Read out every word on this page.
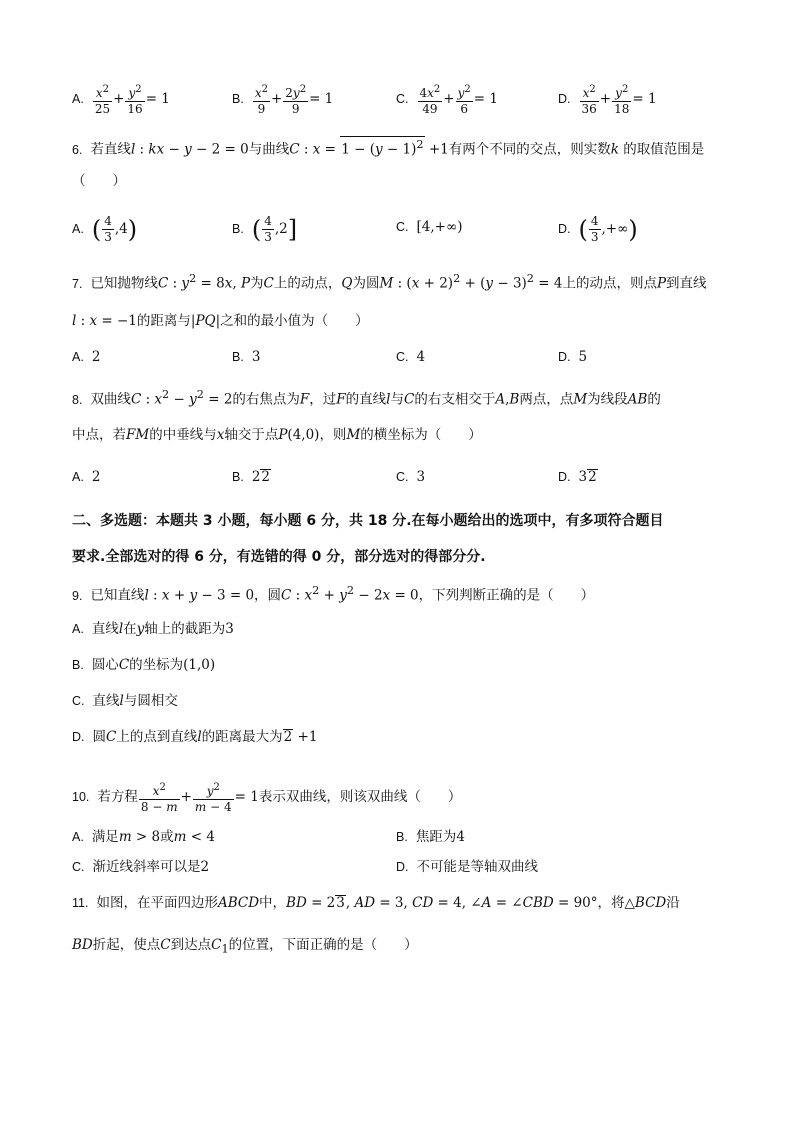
A. $\frac{x^2}{25} + \frac{y^2}{16} = 1$	B. $\frac{x^2}{9} + \frac{2y^2}{9} = 1$	C. $\frac{4x^2}{49} + \frac{y^2}{6} = 1$	D. $\frac{x^2}{36} + \frac{y^2}{18} = 1$
6. 若直线l : kx − y − 2 = 0与曲线C : $x = 1 - (y - 1)^2 +1$有两个不同的交点，则实数k 的取值范围是
（　　）
A. ( $\frac{4}{3} ,4$)	B. ( $\frac{4}{3} ,2$]	C. [4,+∞)	D. ( $\frac{4}{3}$ ,+∞)
7. 已知抛物线C : $y^2 = 8x$, P为C上的动点，Q为圆M : $(x + 2)^2 + (y - 3)^2 = 4$上的动点，则点P到直线
l : x = −1的距离与|PQ|之和的最小值为（　　）
A. 2	B. 3	C. 4	D. 5
8. 双曲线C : $x^2 - y^2 = 2$的右焦点为F，过F的直线l与C的右支相交于A,B两点，点M为线段AB的
中点，若FM的中垂线与x轴交于点P(4,0)，则M的横坐标为（　　）
A. 2	B. 22	C. 3	D. 32
二、多选题：本题共 3 小题，每小题 6 分，共 18 分.在每小题给出的选项中，有多项符合题目
要求.全部选对的得 6 分，有选错的得 0 分，部分选对的得部分分.
9. 已知直线l : x + y − 3 = 0，圆C : $x^2 + y^2 - 2x = 0$，下列判断正确的是（　　）
A. 直线l在y轴上的截距为3
B. 圆心C的坐标为(1,0)
C. 直线l与圆相交
D. 圆C上的点到直线l的距离最大为2 +1
10. 若方程 $\frac{x^2}{8 - m} + \frac{y^2}{m - 4} = 1$表示双曲线，则该双曲线（　　）
A. 满足m > 8或m < 4	B. 焦距为4
C. 渐近线斜率可以是2	D. 不可能是等轴双曲线
11. 如图，在平面四边形ABCD中，BD = 23, AD = 3, CD = 4, ∠A = ∠CBD = 90°，将△BCD沿
BD折起，使点C到达点$C_1$的位置，下面正确的是（　　）
